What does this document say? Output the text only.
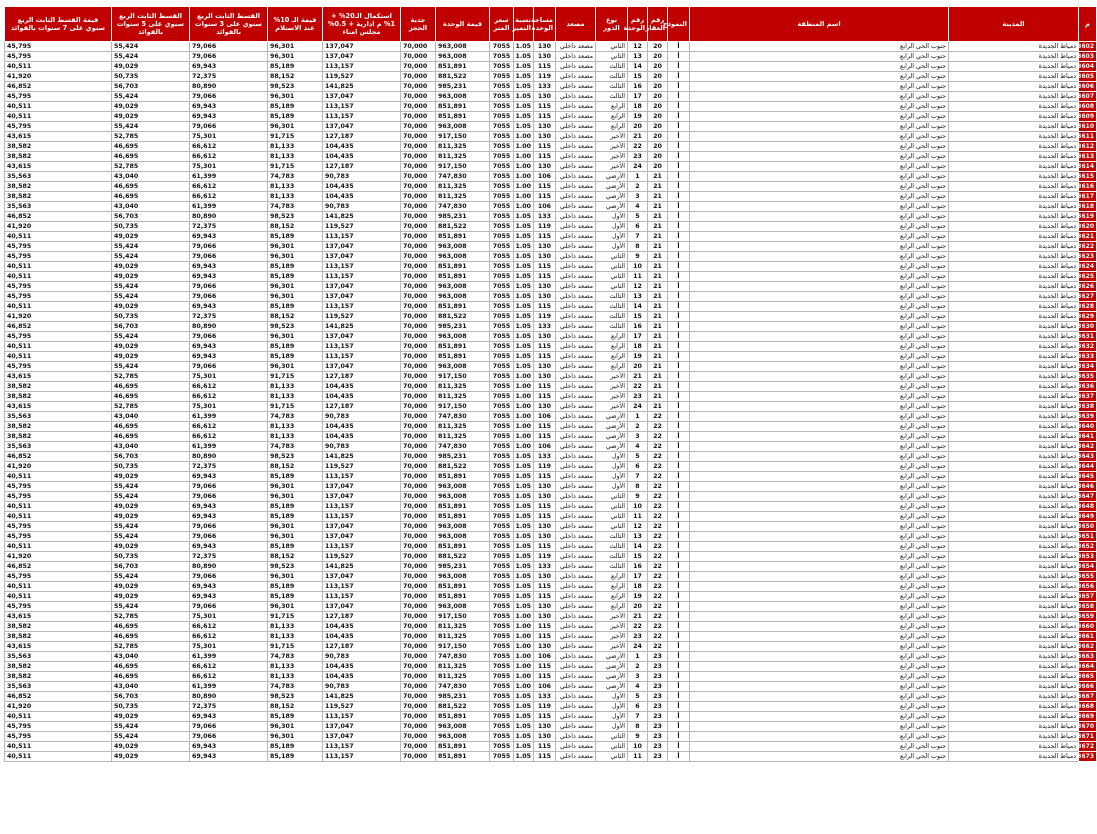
م	المدينة	اسم المنطقة	النموذج	رقم العقار	رقم الوحدة	نوع الدور	مصعد	مساحة الوحدة	نسبة التميز	سعر المتر	قيمة الوحدة	جدية الحجز	استكمال الـ20% + 1% م ادارية + 0.5% مجلس امناء	قيمة الـ 10% عند الاستلام	القسط الثابت الربع سنوي على 3 سنوات بالفوائد	القسط الثابت الربع سنوي على 5 سنوات بالفوائد	قيمة القسط الثابت الربع سنوي على 7 سنوات بالفوائد
3602	دمياط الجديدة	جنوب الحي الرابع	أ	20	12	الثاني	مصعد داخلي	130	1.05	7055	963,008	70,000	137,047	96,301	79,066	55,424	45,795
3603	دمياط الجديدة	جنوب الحي الرابع	أ	20	13	الثاني	مصعد داخلي	130	1.05	7055	963,008	70,000	137,047	96,301	79,066	55,424	45,795
3604	دمياط الجديدة	جنوب الحي الرابع	أ	20	14	الثالث	مصعد داخلي	115	1.05	7055	851,891	70,000	113,157	85,189	69,943	49,029	40,511
3605	دمياط الجديدة	جنوب الحي الرابع	أ	20	15	الثالث	مصعد داخلي	119	1.05	7055	881,522	70,000	119,527	88,152	72,375	50,735	41,920
3606	دمياط الجديدة	جنوب الحي الرابع	أ	20	16	الثالث	مصعد داخلي	133	1.05	7055	985,231	70,000	141,825	98,523	80,890	56,703	46,852
3607	دمياط الجديدة	جنوب الحي الرابع	أ	20	17	الثالث	مصعد داخلي	130	1.05	7055	963,008	70,000	137,047	96,301	79,066	55,424	45,795
3608	دمياط الجديدة	جنوب الحي الرابع	أ	20	18	الرابع	مصعد داخلي	115	1.05	7055	851,891	70,000	113,157	85,189	69,943	49,029	40,511
3609	دمياط الجديدة	جنوب الحي الرابع	أ	20	19	الرابع	مصعد داخلي	115	1.05	7055	851,891	70,000	113,157	85,189	69,943	49,029	40,511
3610	دمياط الجديدة	جنوب الحي الرابع	أ	20	20	الرابع	مصعد داخلي	130	1.05	7055	963,008	70,000	137,047	96,301	79,066	55,424	45,795
3611	دمياط الجديدة	جنوب الحي الرابع	أ	20	21	الأخير	مصعد داخلي	130	1.00	7055	917,150	70,000	127,187	91,715	75,301	52,785	43,615
3612	دمياط الجديدة	جنوب الحي الرابع	أ	20	22	الأخير	مصعد داخلي	115	1.00	7055	811,325	70,000	104,435	81,133	66,612	46,695	38,582
3613	دمياط الجديدة	جنوب الحي الرابع	أ	20	23	الأخير	مصعد داخلي	115	1.00	7055	811,325	70,000	104,435	81,133	66,612	46,695	38,582
3614	دمياط الجديدة	جنوب الحي الرابع	أ	20	24	الأخير	مصعد داخلي	130	1.00	7055	917,150	70,000	127,187	91,715	75,301	52,785	43,615
3615	دمياط الجديدة	جنوب الحي الرابع	أ	21	1	الأرضي	مصعد داخلي	106	1.00	7055	747,830	70,000	90,783	74,783	61,399	43,040	35,563
3616	دمياط الجديدة	جنوب الحي الرابع	أ	21	2	الأرضي	مصعد داخلي	115	1.00	7055	811,325	70,000	104,435	81,133	66,612	46,695	38,582
3617	دمياط الجديدة	جنوب الحي الرابع	أ	21	3	الأرضي	مصعد داخلي	115	1.00	7055	811,325	70,000	104,435	81,133	66,612	46,695	38,582
3618	دمياط الجديدة	جنوب الحي الرابع	أ	21	4	الأرضي	مصعد داخلي	106	1.00	7055	747,830	70,000	90,783	74,783	61,399	43,040	35,563
3619	دمياط الجديدة	جنوب الحي الرابع	أ	21	5	الأول	مصعد داخلي	133	1.05	7055	985,231	70,000	141,825	98,523	80,890	56,703	46,852
3620	دمياط الجديدة	جنوب الحي الرابع	أ	21	6	الأول	مصعد داخلي	119	1.05	7055	881,522	70,000	119,527	88,152	72,375	50,735	41,920
3621	دمياط الجديدة	جنوب الحي الرابع	أ	21	7	الأول	مصعد داخلي	115	1.05	7055	851,891	70,000	113,157	85,189	69,943	49,029	40,511
3622	دمياط الجديدة	جنوب الحي الرابع	أ	21	8	الأول	مصعد داخلي	130	1.05	7055	963,008	70,000	137,047	96,301	79,066	55,424	45,795
3623	دمياط الجديدة	جنوب الحي الرابع	أ	21	9	الثاني	مصعد داخلي	130	1.05	7055	963,008	70,000	137,047	96,301	79,066	55,424	45,795
3624	دمياط الجديدة	جنوب الحي الرابع	أ	21	10	الثاني	مصعد داخلي	115	1.05	7055	851,891	70,000	113,157	85,189	69,943	49,029	40,511
3625	دمياط الجديدة	جنوب الحي الرابع	أ	21	11	الثاني	مصعد داخلي	115	1.05	7055	851,891	70,000	113,157	85,189	69,943	49,029	40,511
3626	دمياط الجديدة	جنوب الحي الرابع	أ	21	12	الثاني	مصعد داخلي	130	1.05	7055	963,008	70,000	137,047	96,301	79,066	55,424	45,795
3627	دمياط الجديدة	جنوب الحي الرابع	أ	21	13	الثالث	مصعد داخلي	130	1.05	7055	963,008	70,000	137,047	96,301	79,066	55,424	45,795
3628	دمياط الجديدة	جنوب الحي الرابع	أ	21	14	الثالث	مصعد داخلي	115	1.05	7055	851,891	70,000	113,157	85,189	69,943	49,029	40,511
3629	دمياط الجديدة	جنوب الحي الرابع	أ	21	15	الثالث	مصعد داخلي	119	1.05	7055	881,522	70,000	119,527	88,152	72,375	50,735	41,920
3630	دمياط الجديدة	جنوب الحي الرابع	أ	21	16	الثالث	مصعد داخلي	133	1.05	7055	985,231	70,000	141,825	98,523	80,890	56,703	46,852
3631	دمياط الجديدة	جنوب الحي الرابع	أ	21	17	الرابع	مصعد داخلي	130	1.05	7055	963,008	70,000	137,047	96,301	79,066	55,424	45,795
3632	دمياط الجديدة	جنوب الحي الرابع	أ	21	18	الرابع	مصعد داخلي	115	1.05	7055	851,891	70,000	113,157	85,189	69,943	49,029	40,511
3633	دمياط الجديدة	جنوب الحي الرابع	أ	21	19	الرابع	مصعد داخلي	115	1.05	7055	851,891	70,000	113,157	85,189	69,943	49,029	40,511
3634	دمياط الجديدة	جنوب الحي الرابع	أ	21	20	الرابع	مصعد داخلي	130	1.05	7055	963,008	70,000	137,047	96,301	79,066	55,424	45,795
3635	دمياط الجديدة	جنوب الحي الرابع	أ	21	21	الأخير	مصعد داخلي	130	1.00	7055	917,150	70,000	127,187	91,715	75,301	52,785	43,615
3636	دمياط الجديدة	جنوب الحي الرابع	أ	21	22	الأخير	مصعد داخلي	115	1.00	7055	811,325	70,000	104,435	81,133	66,612	46,695	38,582
3637	دمياط الجديدة	جنوب الحي الرابع	أ	21	23	الأخير	مصعد داخلي	115	1.00	7055	811,325	70,000	104,435	81,133	66,612	46,695	38,582
3638	دمياط الجديدة	جنوب الحي الرابع	أ	21	24	الأخير	مصعد داخلي	130	1.00	7055	917,150	70,000	127,187	91,715	75,301	52,785	43,615
3639	دمياط الجديدة	جنوب الحي الرابع	أ	22	1	الأرضي	مصعد داخلي	106	1.00	7055	747,830	70,000	90,783	74,783	61,399	43,040	35,563
3640	دمياط الجديدة	جنوب الحي الرابع	أ	22	2	الأرضي	مصعد داخلي	115	1.00	7055	811,325	70,000	104,435	81,133	66,612	46,695	38,582
3641	دمياط الجديدة	جنوب الحي الرابع	أ	22	3	الأرضي	مصعد داخلي	115	1.00	7055	811,325	70,000	104,435	81,133	66,612	46,695	38,582
3642	دمياط الجديدة	جنوب الحي الرابع	أ	22	4	الأرضي	مصعد داخلي	106	1.00	7055	747,830	70,000	90,783	74,783	61,399	43,040	35,563
3643	دمياط الجديدة	جنوب الحي الرابع	أ	22	5	الأول	مصعد داخلي	133	1.05	7055	985,231	70,000	141,825	98,523	80,890	56,703	46,852
3644	دمياط الجديدة	جنوب الحي الرابع	أ	22	6	الأول	مصعد داخلي	119	1.05	7055	881,522	70,000	119,527	88,152	72,375	50,735	41,920
3645	دمياط الجديدة	جنوب الحي الرابع	أ	22	7	الأول	مصعد داخلي	115	1.05	7055	851,891	70,000	113,157	85,189	69,943	49,029	40,511
3646	دمياط الجديدة	جنوب الحي الرابع	أ	22	8	الأول	مصعد داخلي	130	1.05	7055	963,008	70,000	137,047	96,301	79,066	55,424	45,795
3647	دمياط الجديدة	جنوب الحي الرابع	أ	22	9	الثاني	مصعد داخلي	130	1.05	7055	963,008	70,000	137,047	96,301	79,066	55,424	45,795
3648	دمياط الجديدة	جنوب الحي الرابع	أ	22	10	الثاني	مصعد داخلي	115	1.05	7055	851,891	70,000	113,157	85,189	69,943	49,029	40,511
3649	دمياط الجديدة	جنوب الحي الرابع	أ	22	11	الثاني	مصعد داخلي	115	1.05	7055	851,891	70,000	113,157	85,189	69,943	49,029	40,511
3650	دمياط الجديدة	جنوب الحي الرابع	أ	22	12	الثاني	مصعد داخلي	130	1.05	7055	963,008	70,000	137,047	96,301	79,066	55,424	45,795
3651	دمياط الجديدة	جنوب الحي الرابع	أ	22	13	الثالث	مصعد داخلي	130	1.05	7055	963,008	70,000	137,047	96,301	79,066	55,424	45,795
3652	دمياط الجديدة	جنوب الحي الرابع	أ	22	14	الثالث	مصعد داخلي	115	1.05	7055	851,891	70,000	113,157	85,189	69,943	49,029	40,511
3653	دمياط الجديدة	جنوب الحي الرابع	أ	22	15	الثالث	مصعد داخلي	119	1.05	7055	881,522	70,000	119,527	88,152	72,375	50,735	41,920
3654	دمياط الجديدة	جنوب الحي الرابع	أ	22	16	الثالث	مصعد داخلي	133	1.05	7055	985,231	70,000	141,825	98,523	80,890	56,703	46,852
3655	دمياط الجديدة	جنوب الحي الرابع	أ	22	17	الرابع	مصعد داخلي	130	1.05	7055	963,008	70,000	137,047	96,301	79,066	55,424	45,795
3656	دمياط الجديدة	جنوب الحي الرابع	أ	22	18	الرابع	مصعد داخلي	115	1.05	7055	851,891	70,000	113,157	85,189	69,943	49,029	40,511
3657	دمياط الجديدة	جنوب الحي الرابع	أ	22	19	الرابع	مصعد داخلي	115	1.05	7055	851,891	70,000	113,157	85,189	69,943	49,029	40,511
3658	دمياط الجديدة	جنوب الحي الرابع	أ	22	20	الرابع	مصعد داخلي	130	1.05	7055	963,008	70,000	137,047	96,301	79,066	55,424	45,795
3659	دمياط الجديدة	جنوب الحي الرابع	أ	22	21	الأخير	مصعد داخلي	130	1.00	7055	917,150	70,000	127,187	91,715	75,301	52,785	43,615
3660	دمياط الجديدة	جنوب الحي الرابع	أ	22	22	الأخير	مصعد داخلي	115	1.00	7055	811,325	70,000	104,435	81,133	66,612	46,695	38,582
3661	دمياط الجديدة	جنوب الحي الرابع	أ	22	23	الأخير	مصعد داخلي	115	1.00	7055	811,325	70,000	104,435	81,133	66,612	46,695	38,582
3662	دمياط الجديدة	جنوب الحي الرابع	أ	22	24	الأخير	مصعد داخلي	130	1.00	7055	917,150	70,000	127,187	91,715	75,301	52,785	43,615
3663	دمياط الجديدة	جنوب الحي الرابع	أ	23	1	الأرضي	مصعد داخلي	106	1.00	7055	747,830	70,000	90,783	74,783	61,399	43,040	35,563
3664	دمياط الجديدة	جنوب الحي الرابع	أ	23	2	الأرضي	مصعد داخلي	115	1.00	7055	811,325	70,000	104,435	81,133	66,612	46,695	38,582
3665	دمياط الجديدة	جنوب الحي الرابع	أ	23	3	الأرضي	مصعد داخلي	115	1.00	7055	811,325	70,000	104,435	81,133	66,612	46,695	38,582
3666	دمياط الجديدة	جنوب الحي الرابع	أ	23	4	الأرضي	مصعد داخلي	106	1.00	7055	747,830	70,000	90,783	74,783	61,399	43,040	35,563
3667	دمياط الجديدة	جنوب الحي الرابع	أ	23	5	الأول	مصعد داخلي	133	1.05	7055	985,231	70,000	141,825	98,523	80,890	56,703	46,852
3668	دمياط الجديدة	جنوب الحي الرابع	أ	23	6	الأول	مصعد داخلي	119	1.05	7055	881,522	70,000	119,527	88,152	72,375	50,735	41,920
3669	دمياط الجديدة	جنوب الحي الرابع	أ	23	7	الأول	مصعد داخلي	115	1.05	7055	851,891	70,000	113,157	85,189	69,943	49,029	40,511
3670	دمياط الجديدة	جنوب الحي الرابع	أ	23	8	الأول	مصعد داخلي	130	1.05	7055	963,008	70,000	137,047	96,301	79,066	55,424	45,795
3671	دمياط الجديدة	جنوب الحي الرابع	أ	23	9	الثاني	مصعد داخلي	130	1.05	7055	963,008	70,000	137,047	96,301	79,066	55,424	45,795
3672	دمياط الجديدة	جنوب الحي الرابع	أ	23	10	الثاني	مصعد داخلي	115	1.05	7055	851,891	70,000	113,157	85,189	69,943	49,029	40,511
3673	دمياط الجديدة	جنوب الحي الرابع	أ	23	11	الثاني	مصعد داخلي	115	1.05	7055	851,891	70,000	113,157	85,189	69,943	49,029	40,511
